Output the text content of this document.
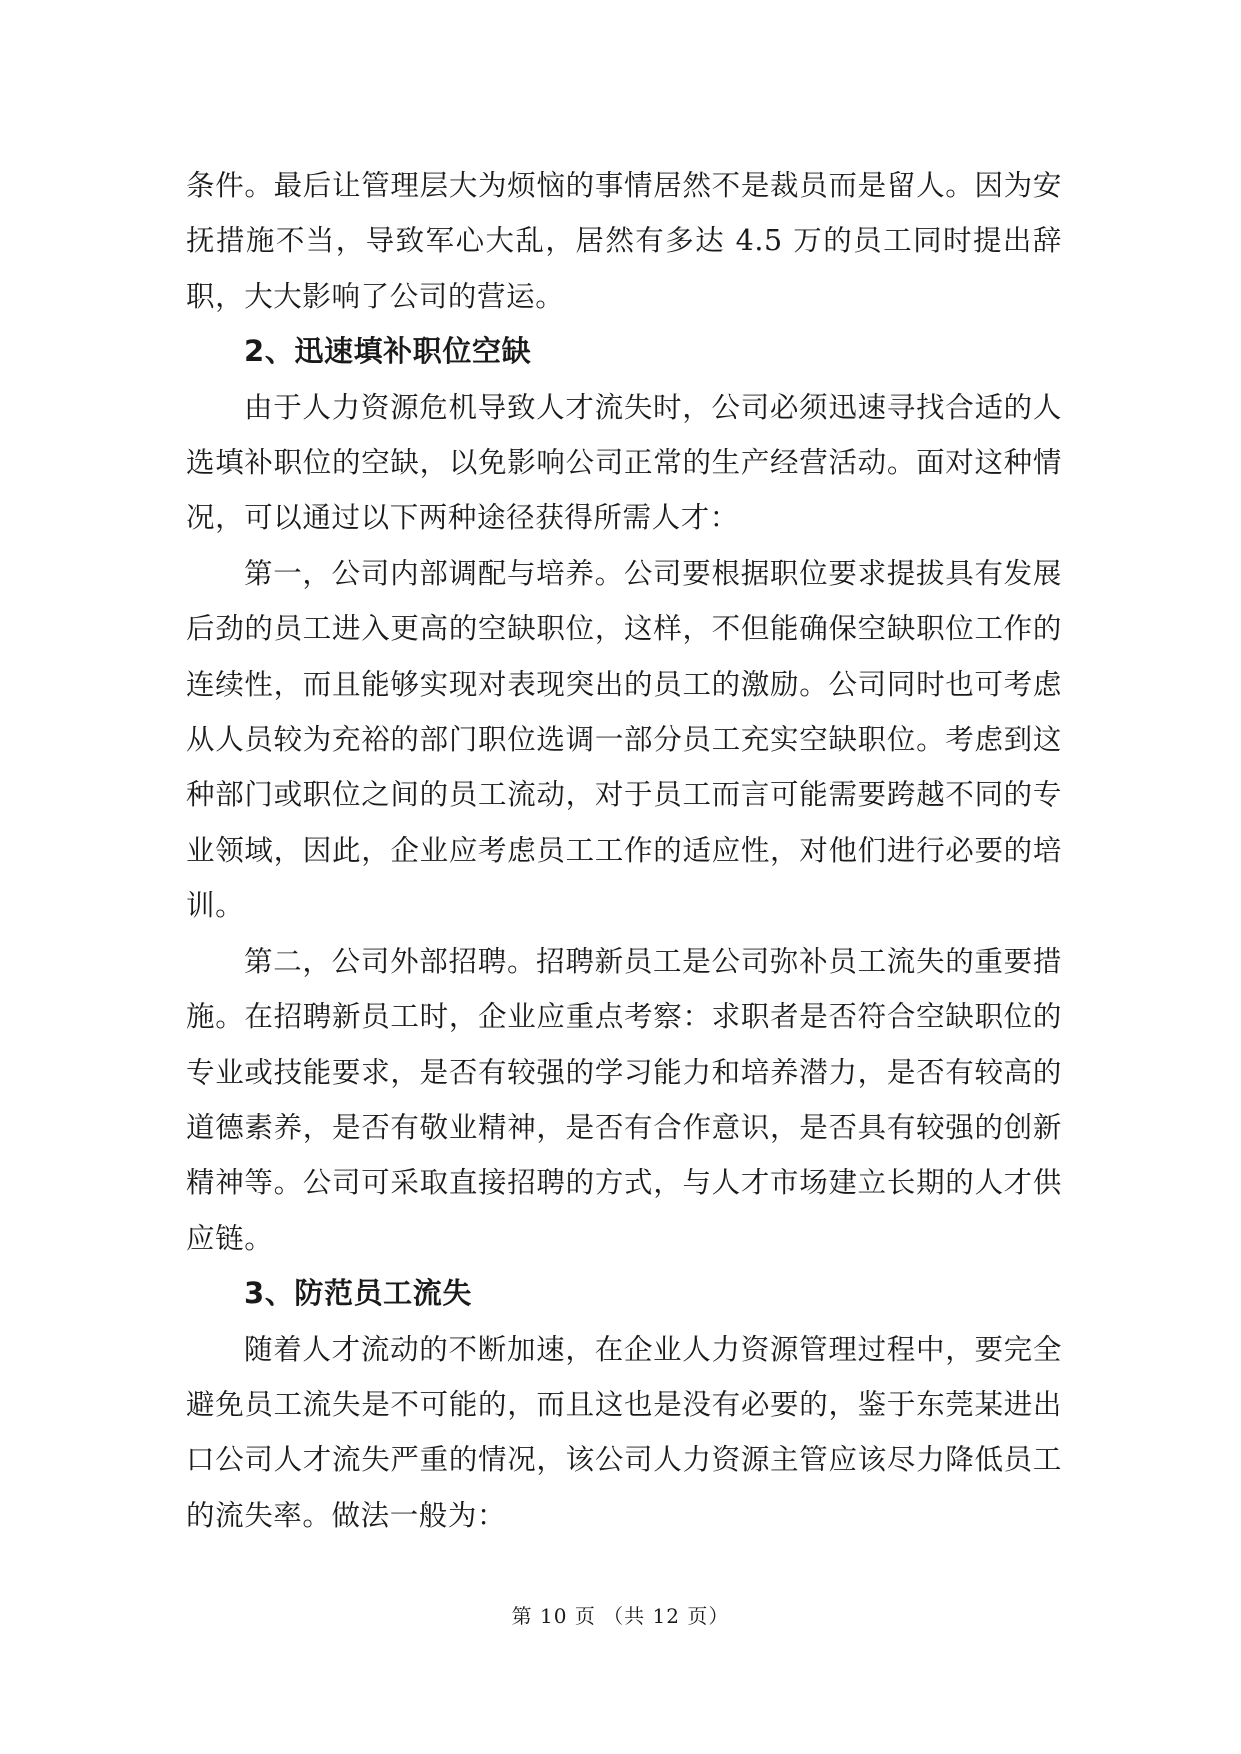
条件。最后让管理层大为烦恼的事情居然不是裁员而是留人。因为安抚措施不当，导致军心大乱，居然有多达 4.5 万的员工同时提出辞职，大大影响了公司的营运。

2、迅速填补职位空缺

由于人力资源危机导致人才流失时，公司必须迅速寻找合适的人选填补职位的空缺，以免影响公司正常的生产经营活动。面对这种情况，可以通过以下两种途径获得所需人才：

第一，公司内部调配与培养。公司要根据职位要求提拔具有发展后劲的员工进入更高的空缺职位，这样，不但能确保空缺职位工作的连续性，而且能够实现对表现突出的员工的激励。公司同时也可考虑从人员较为充裕的部门职位选调一部分员工充实空缺职位。考虑到这种部门或职位之间的员工流动，对于员工而言可能需要跨越不同的专业领域，因此，企业应考虑员工工作的适应性，对他们进行必要的培训。

第二，公司外部招聘。招聘新员工是公司弥补员工流失的重要措施。在招聘新员工时，企业应重点考察：求职者是否符合空缺职位的专业或技能要求，是否有较强的学习能力和培养潜力，是否有较高的道德素养，是否有敬业精神，是否有合作意识，是否具有较强的创新精神等。公司可采取直接招聘的方式，与人才市场建立长期的人才供应链。

3、防范员工流失

随着人才流动的不断加速，在企业人力资源管理过程中，要完全避免员工流失是不可能的，而且这也是没有必要的，鉴于东莞某进出口公司人才流失严重的情况，该公司人力资源主管应该尽力降低员工的流失率。做法一般为：

第 10 页 （共 12 页）
